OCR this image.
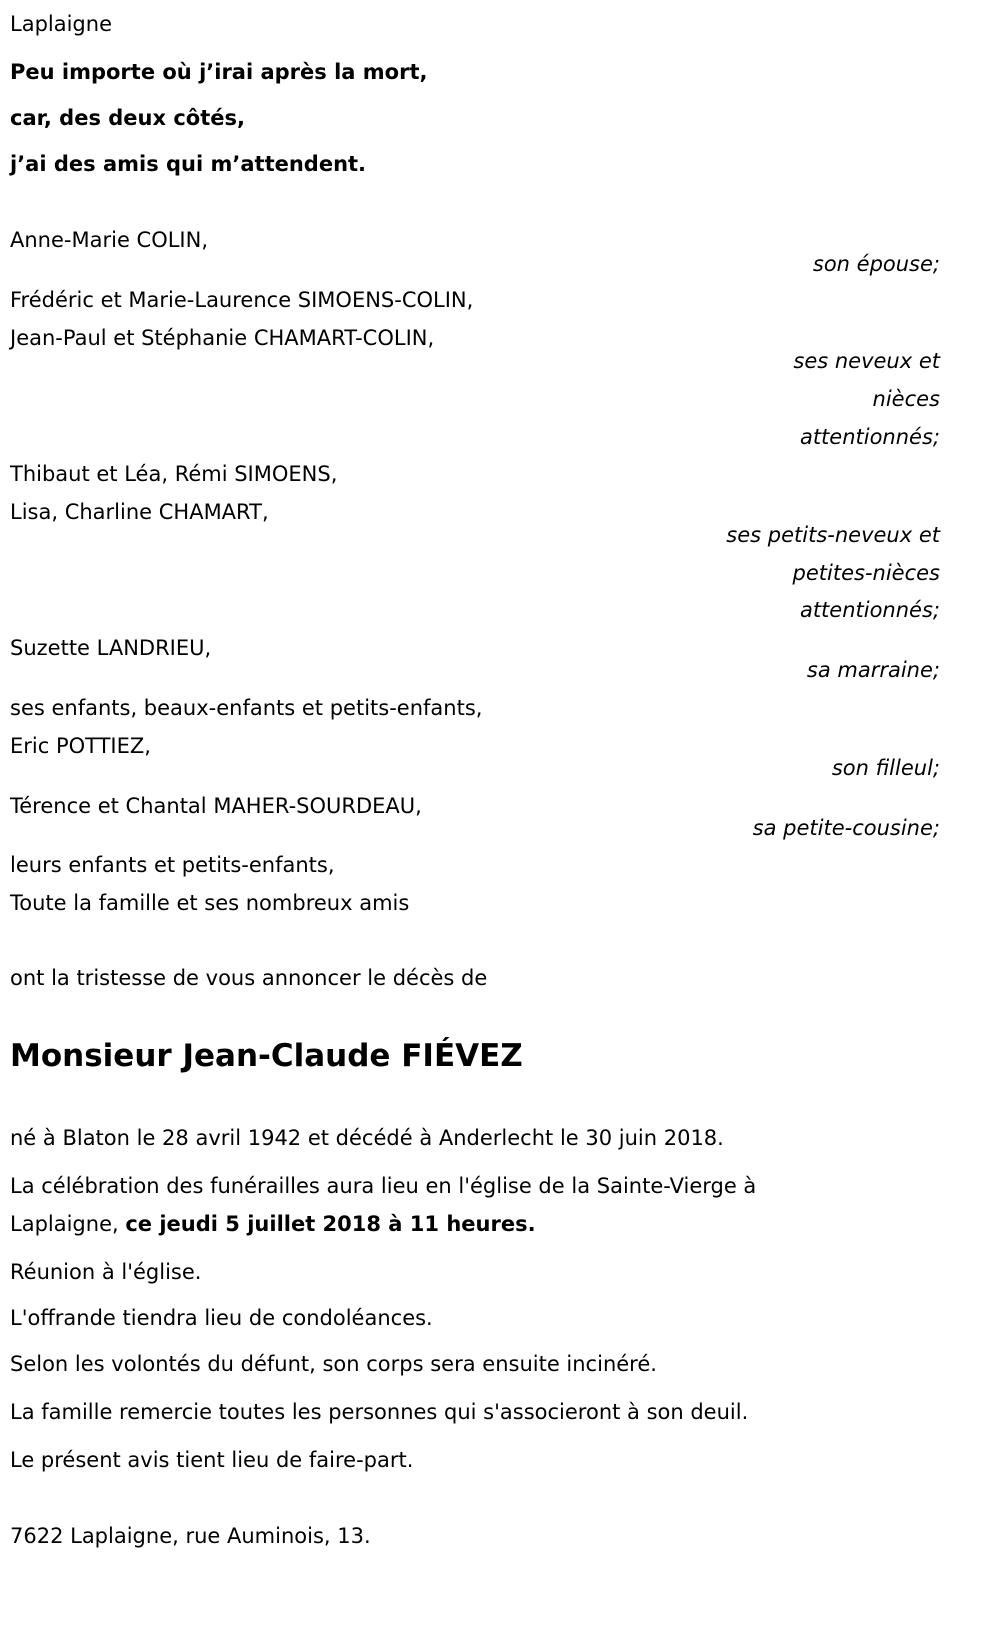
Laplaigne
Peu importe où j’irai après la mort,
car, des deux côtés,
j’ai des amis qui m’attendent.
Anne-Marie COLIN,
son épouse;
Frédéric et Marie-Laurence SIMOENS-COLIN,
Jean-Paul et Stéphanie CHAMART-COLIN,
ses neveux et
nièces
attentionnés;
Thibaut et Léa, Rémi SIMOENS,
Lisa, Charline CHAMART,
ses petits-neveux et
petites-nièces
attentionnés;
Suzette LANDRIEU,
sa marraine;
ses enfants, beaux-enfants et petits-enfants,
Eric POTTIEZ,
son filleul;
Térence et Chantal MAHER-SOURDEAU,
sa petite-cousine;
leurs enfants et petits-enfants,
Toute la famille et ses nombreux amis
ont la tristesse de vous annoncer le décès de
Monsieur Jean-Claude FIÉVEZ
né à Blaton le 28 avril 1942 et décédé à Anderlecht le 30 juin 2018.
La célébration des funérailles aura lieu en l'église de la Sainte-Vierge à
Laplaigne, ce jeudi 5 juillet 2018 à 11 heures.
Réunion à l'église.
L'offrande tiendra lieu de condoléances.
Selon les volontés du défunt, son corps sera ensuite incinéré.
La famille remercie toutes les personnes qui s'associeront à son deuil.
Le présent avis tient lieu de faire-part.
7622 Laplaigne, rue Auminois, 13.
